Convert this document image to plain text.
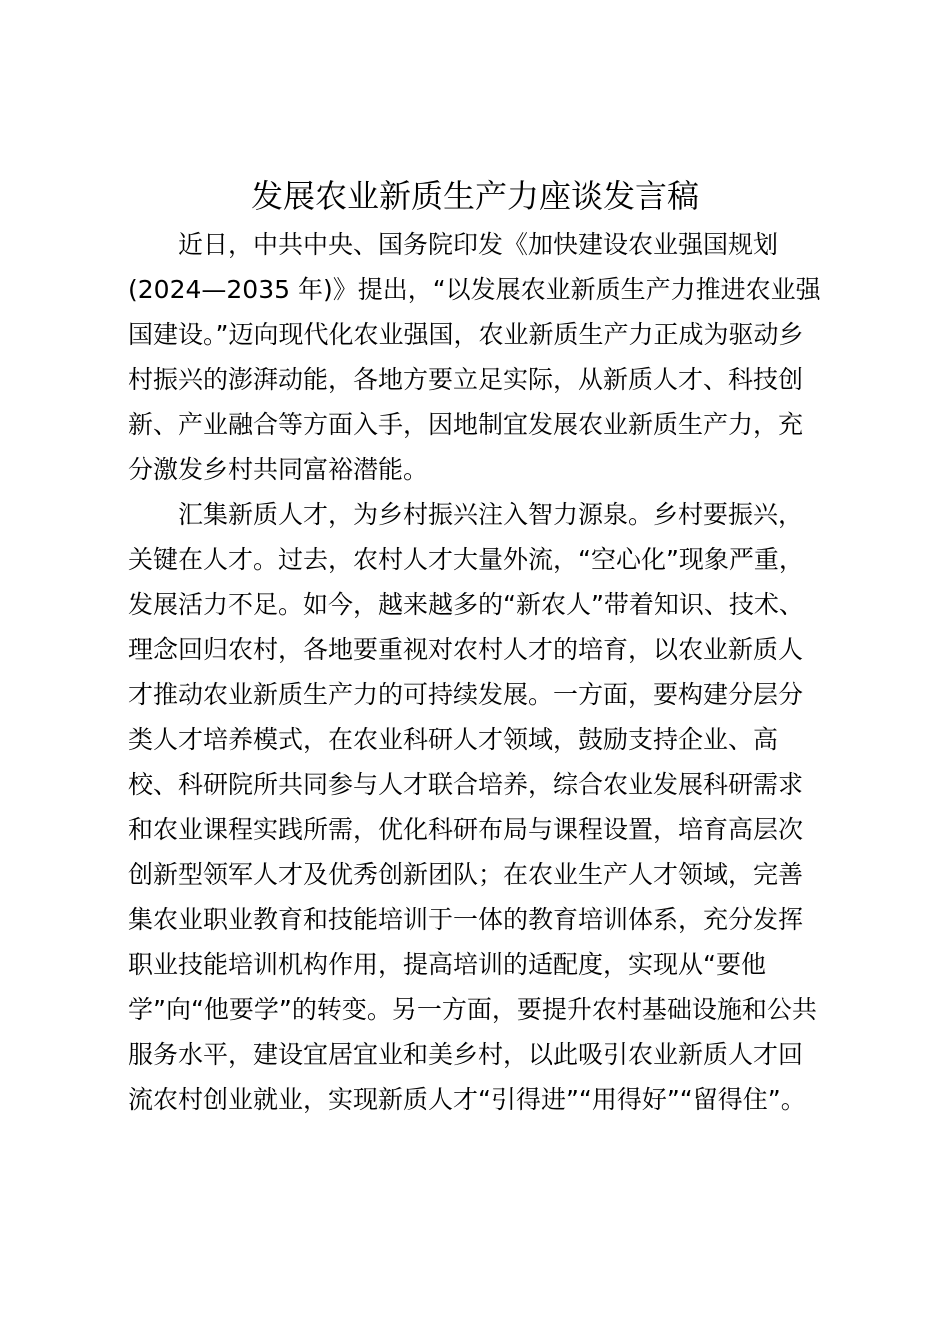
发展农业新质生产力座谈发言稿
　　近日，中共中央、国务院印发《加快建设农业强国规划
(2024—2035 年)》提出，“以发展农业新质生产力推进农业强
国建设。”迈向现代化农业强国，农业新质生产力正成为驱动乡
村振兴的澎湃动能，各地方要立足实际，从新质人才、科技创
新、产业融合等方面入手，因地制宜发展农业新质生产力，充
分激发乡村共同富裕潜能。
　　汇集新质人才，为乡村振兴注入智力源泉。乡村要振兴，
关键在人才。过去，农村人才大量外流，“空心化”现象严重，
发展活力不足。如今，越来越多的“新农人”带着知识、技术、
理念回归农村，各地要重视对农村人才的培育，以农业新质人
才推动农业新质生产力的可持续发展。一方面，要构建分层分
类人才培养模式，在农业科研人才领域，鼓励支持企业、高
校、科研院所共同参与人才联合培养，综合农业发展科研需求
和农业课程实践所需，优化科研布局与课程设置，培育高层次
创新型领军人才及优秀创新团队；在农业生产人才领域，完善
集农业职业教育和技能培训于一体的教育培训体系，充分发挥
职业技能培训机构作用，提高培训的适配度，实现从“要他
学”向“他要学”的转变。另一方面，要提升农村基础设施和公共
服务水平，建设宜居宜业和美乡村，以此吸引农业新质人才回
流农村创业就业，实现新质人才“引得进”“用得好”“留得住”。
